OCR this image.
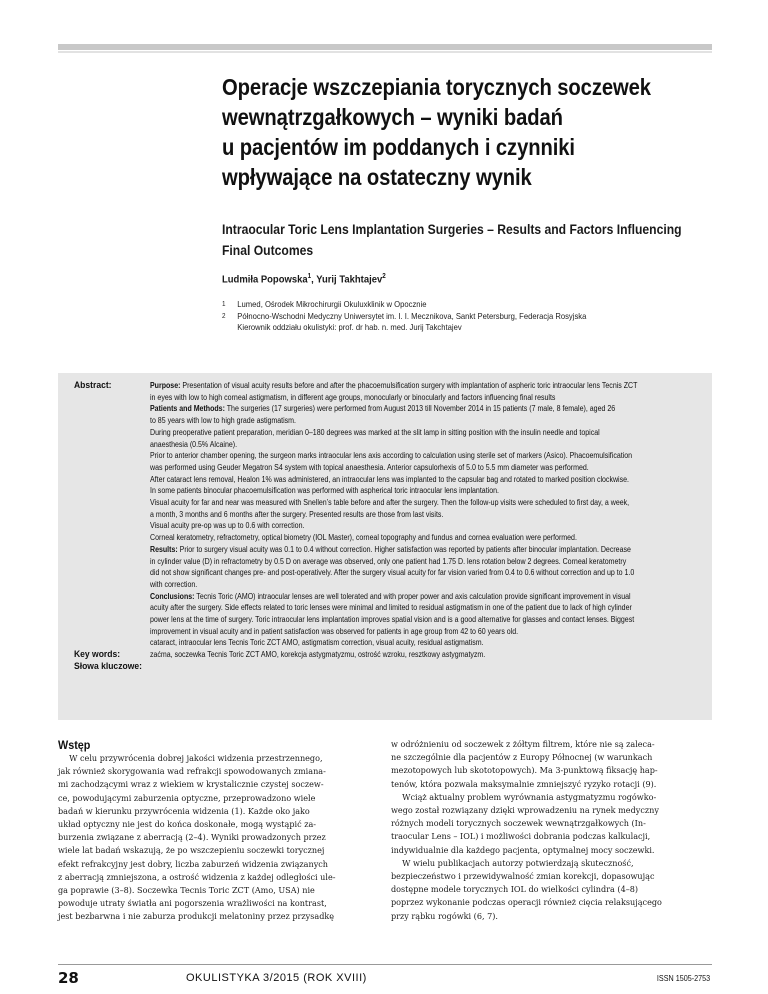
Operacje wszczepiania torycznych soczewek
wewnątrzgałkowych – wyniki badań
u pacjentów im poddanych i czynniki
wpływające na ostateczny wynik
Intraocular Toric Lens Implantation Surgeries – Results and Factors Influencing
Final Outcomes
Ludmiła Popowska$^1$, Yurij Takhtajev$^2$
1 Lumed, Ośrodek Mikrochirurgii Okuluxklinik w Opocznie
2 Północno-Wschodni Medyczny Uniwersytet im. I. I. Mecznikova, Sankt Petersburg, Federacja Rosyjska
Kierownik oddziału okulistyki: prof. dr hab. n. med. Jurij Takchtajev
Abstract:
Key words:
Słowa kluczowe:
Purpose: Presentation of visual acuity results before and after the phacoemulsification surgery with implantation of aspheric toric intraocular lens Tecnis ZCT
in eyes with low to high corneal astigmatism, in different age groups, monocularly or binocularly and factors influencing final results
Patients and Methods: The surgeries (17 surgeries) were performed from August 2013 till November 2014 in 15 patients (7 male, 8 female), aged 26
to 85 years with low to high grade astigmatism.
During preoperative patient preparation, meridian 0–180 degrees was marked at the slit lamp in sitting position with the insulin needle and topical
anaesthesia (0.5% Alcaine).
Prior to anterior chamber opening, the surgeon marks intraocular lens axis according to calculation using sterile set of markers (Asico). Phacoemulsification
was performed using Geuder Megatron S4 system with topical anaesthesia. Anterior capsulorhexis of 5.0 to 5.5 mm diameter was performed.
After cataract lens removal, Healon 1% was administered, an intraocular lens was implanted to the capsular bag and rotated to marked position clockwise.
In some patients binocular phacoemulsification was performed with aspherical toric intraocular lens implantation.
Visual acuity for far and near was measured with Snellen’s table before and after the surgery. Then the follow-up visits were scheduled to first day, a week,
a month, 3 months and 6 months after the surgery. Presented results are those from last visits.
Visual acuity pre-op was up to 0.6 with correction.
Corneal keratometry, refractometry, optical biometry (IOL Master), corneal topography and fundus and cornea evaluation were performed.
Results: Prior to surgery visual acuity was 0.1 to 0.4 without correction. Higher satisfaction was reported by patients after binocular implantation. Decrease
in cylinder value (D) in refractometry by 0.5 D on average was observed, only one patient had 1.75 D. lens rotation below 2 degrees. Corneal keratometry
did not show significant changes pre- and post-operatively. After the surgery visual acuity for far vision varied from 0.4 to 0.6 without correction and up to 1.0
with correction.
Conclusions: Tecnis Toric (AMO) intraocular lenses are well tolerated and with proper power and axis calculation provide significant improvement in visual
acuity after the surgery. Side effects related to toric lenses were minimal and limited to residual astigmatism in one of the patient due to lack of high cylinder
power lens at the time of surgery. Toric intraocular lens implantation improves spatial vision and is a good alternative for glasses and contact lenses. Biggest
improvement in visual acuity and in patient satisfaction was observed for patients in age group from 42 to 60 years old.
cataract, intraocular lens Tecnis Toric ZCT AMO, astigmatism correction, visual acuity, residual astigmatism.
zaćma, soczewka Tecnis Toric ZCT AMO, korekcja astygmatyzmu, ostrość wzroku, resztkowy astygmatyzm.
Wstęp
W celu przywrócenia dobrej jakości widzenia przestrzennego,
jak również skorygowania wad refrakcji spowodowanych zmiana-
mi zachodzącymi wraz z wiekiem w krystalicznie czystej soczew-
ce, powodującymi zaburzenia optyczne, przeprowadzono wiele
badań w kierunku przywrócenia widzenia (1). Każde oko jako
układ optyczny nie jest do końca doskonałe, mogą wystąpić za-
burzenia związane z aberracją (2–4). Wyniki prowadzonych przez
wiele lat badań wskazują, że po wszczepieniu soczewki torycznej
efekt refrakcyjny jest dobry, liczba zaburzeń widzenia związanych
z aberracją zmniejszona, a ostrość widzenia z każdej odległości ule-
ga poprawie (3–8). Soczewka Tecnis Toric ZCT (Amo, USA) nie
powoduje utraty światła ani pogorszenia wrażliwości na kontrast,
jest bezbarwna i nie zaburza produkcji melatoniny przez przysadkę
w odróżnieniu od soczewek z żółtym filtrem, które nie są zaleca-
ne szczególnie dla pacjentów z Europy Północnej (w warunkach
mezotopowych lub skototopowych). Ma 3-punktową fiksację hap-
tenów, która pozwala maksymalnie zmniejszyć ryzyko rotacji (9).
Wciąż aktualny problem wyrównania astygmatyzmu rogówko-
wego został rozwiązany dzięki wprowadzeniu na rynek medyczny
różnych modeli torycznych soczewek wewnątrzgałkowych (In-
traocular Lens – IOL) i możliwości dobrania podczas kalkulacji,
indywidualnie dla każdego pacjenta, optymalnej mocy soczewki.
W wielu publikacjach autorzy potwierdzają skuteczność,
bezpieczeństwo i przewidywalność zmian korekcji, dopasowując
dostępne modele torycznych IOL do wielkości cylindra (4–8)
poprzez wykonanie podczas operacji również cięcia relaksującego
przy rąbku rogówki (6, 7).
28	OKULISTYKA 3/2015 (ROK XVIII)	ISSN 1505-2753
